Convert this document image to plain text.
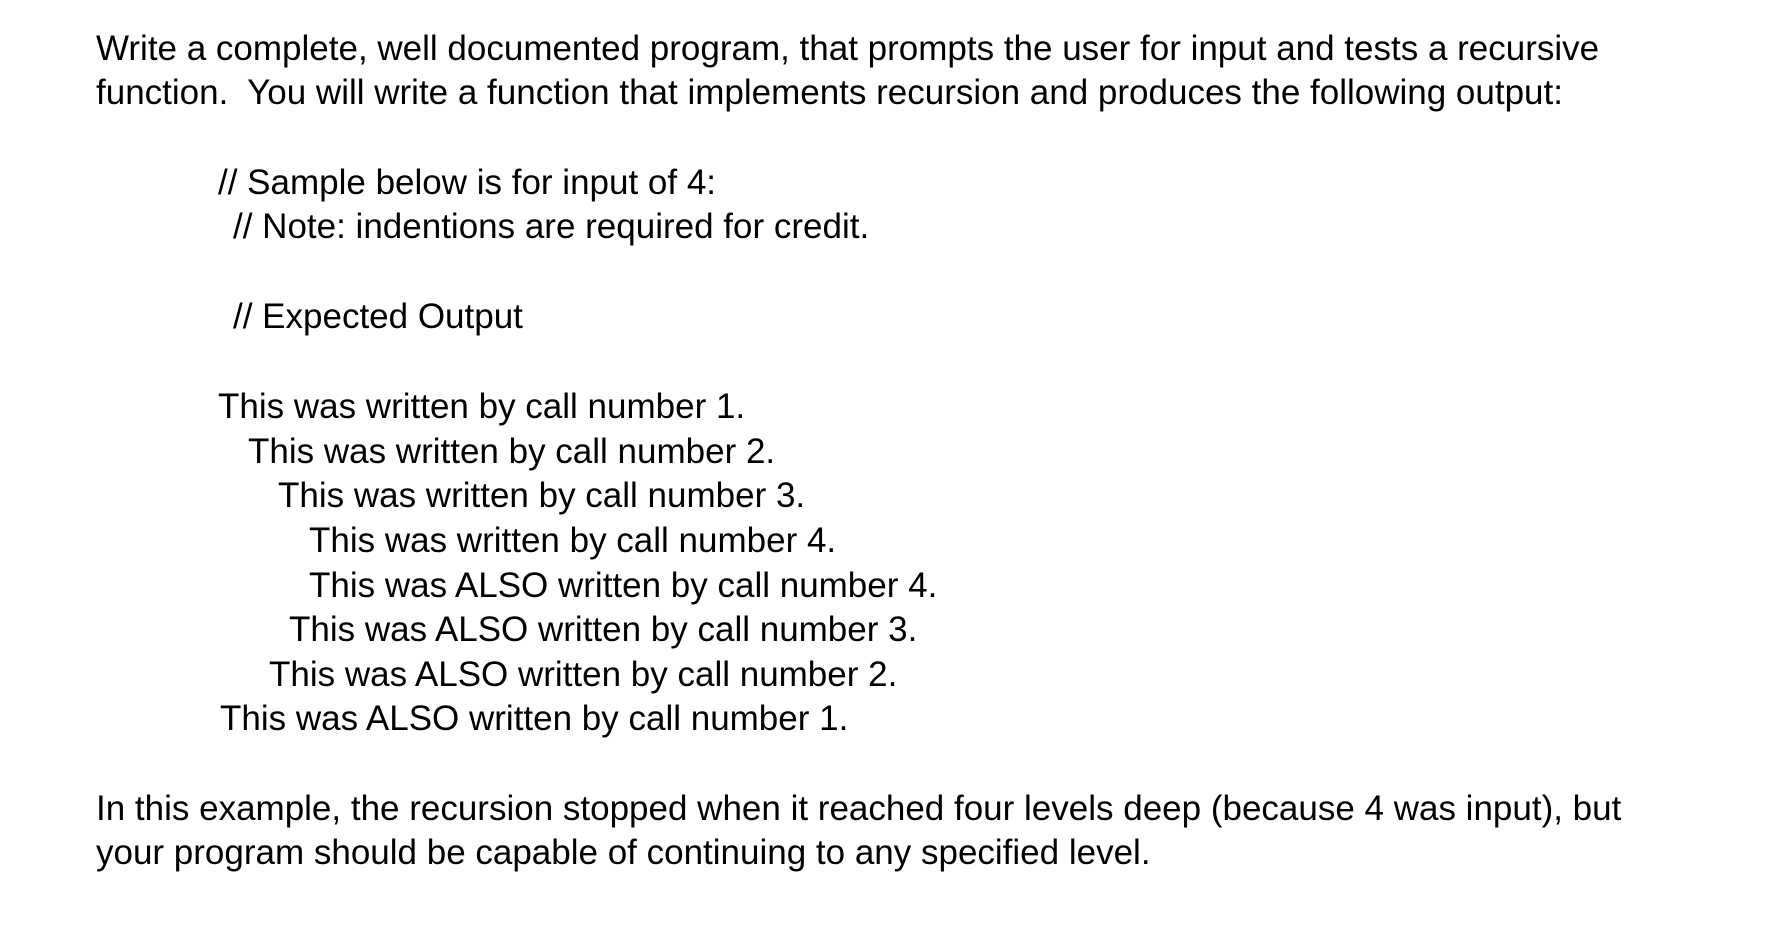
Write a complete, well documented program, that prompts the user for input and tests a recursive
function.  You will write a function that implements recursion and produces the following output:
// Sample below is for input of 4:
// Note: indentions are required for credit.
// Expected Output
This was written by call number 1.
This was written by call number 2.
This was written by call number 3.
This was written by call number 4.
This was ALSO written by call number 4.
This was ALSO written by call number 3.
This was ALSO written by call number 2.
This was ALSO written by call number 1.
In this example, the recursion stopped when it reached four levels deep (because 4 was input), but
your program should be capable of continuing to any specified level.
